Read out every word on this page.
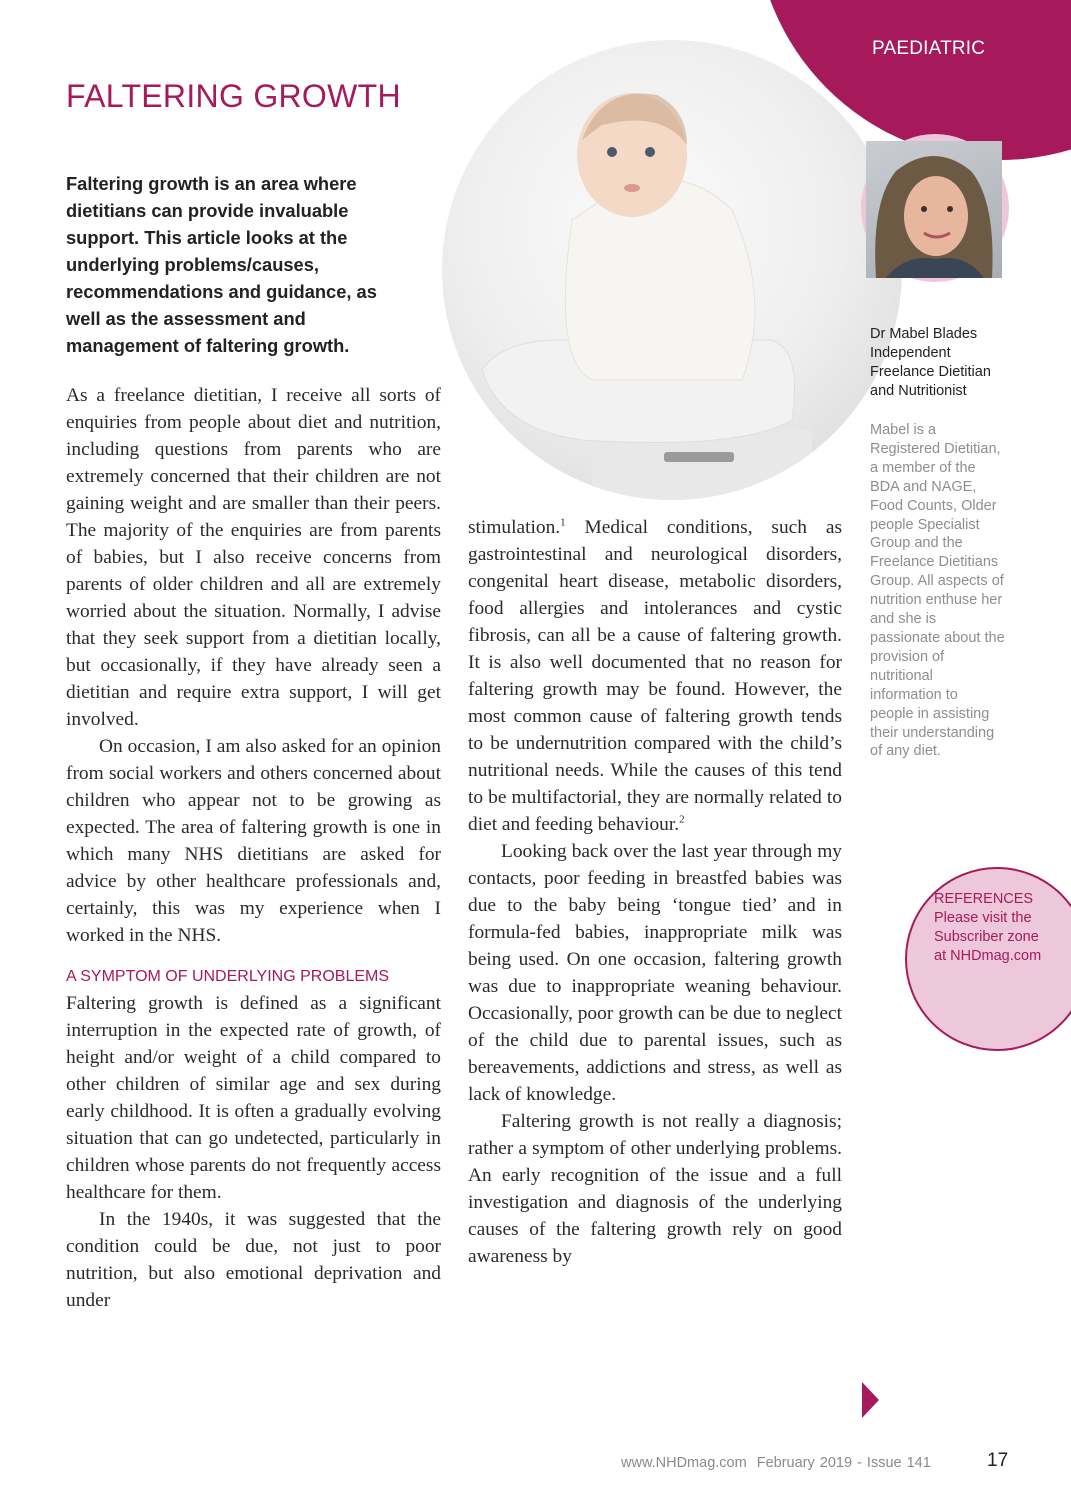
PAEDIATRIC
FALTERING GROWTH
Faltering growth is an area where dietitians can provide invaluable support. This article looks at the underlying problems/causes, recommendations and guidance, as well as the assessment and management of faltering growth.

As a freelance dietitian, I receive all sorts of enquiries from people about diet and nutrition, including questions from parents who are extremely concerned that their children are not gaining weight and are smaller than their peers. The majority of the enquiries are from parents of babies, but I also receive concerns from parents of older children and all are extremely worried about the situation. Normally, I advise that they seek support from a dietitian locally, but occasionally, if they have already seen a dietitian and require extra support, I will get involved.

On occasion, I am also asked for an opinion from social workers and others concerned about children who appear not to be growing as expected. The area of faltering growth is one in which many NHS dietitians are asked for advice by other healthcare professionals and, certainly, this was my experience when I worked in the NHS.

A SYMPTOM OF UNDERLYING PROBLEMS

Faltering growth is defined as a significant interruption in the expected rate of growth, of height and/or weight of a child compared to other children of similar age and sex during early childhood. It is often a gradually evolving situation that can go undetected, particularly in children whose parents do not frequently access healthcare for them.

In the 1940s, it was suggested that the condition could be due, not just to poor nutrition, but also emotional deprivation and under

stimulation.$^1$ Medical conditions, such as gastrointestinal and neurological disorders, congenital heart disease, metabolic disorders, food allergies and intolerances and cystic fibrosis, can all be a cause of faltering growth. It is also well documented that no reason for faltering growth may be found. However, the most common cause of faltering growth tends to be undernutrition compared with the child’s nutritional needs. While the causes of this tend to be multifactorial, they are normally related to diet and feeding behaviour.$^2$

Looking back over the last year through my contacts, poor feeding in breastfed babies was due to the baby being ‘tongue tied’ and in formula-fed babies, inappropriate milk was being used. On one occasion, faltering growth was due to inappropriate weaning behaviour. Occasionally, poor growth can be due to neglect of the child due to parental issues, such as bereavements, addictions and stress, as well as lack of knowledge.

Faltering growth is not really a diagnosis; rather a symptom of other underlying problems. An early recognition of the issue and a full investigation and diagnosis of the underlying causes of the faltering growth rely on good awareness by

Dr Mabel Blades
Independent
Freelance Dietitian
and Nutritionist
Mabel is a Registered Dietitian, a member of the BDA and NAGE, Food Counts, Older people Specialist Group and the Freelance Dietitians Group. All aspects of nutrition enthuse her and she is passionate about the provision of nutritional information to people in assisting their understanding of any diet.
REFERENCES
Please visit the Subscriber zone at NHDmag.com
www.NHDmag.com  February 2019 - Issue 141	17
